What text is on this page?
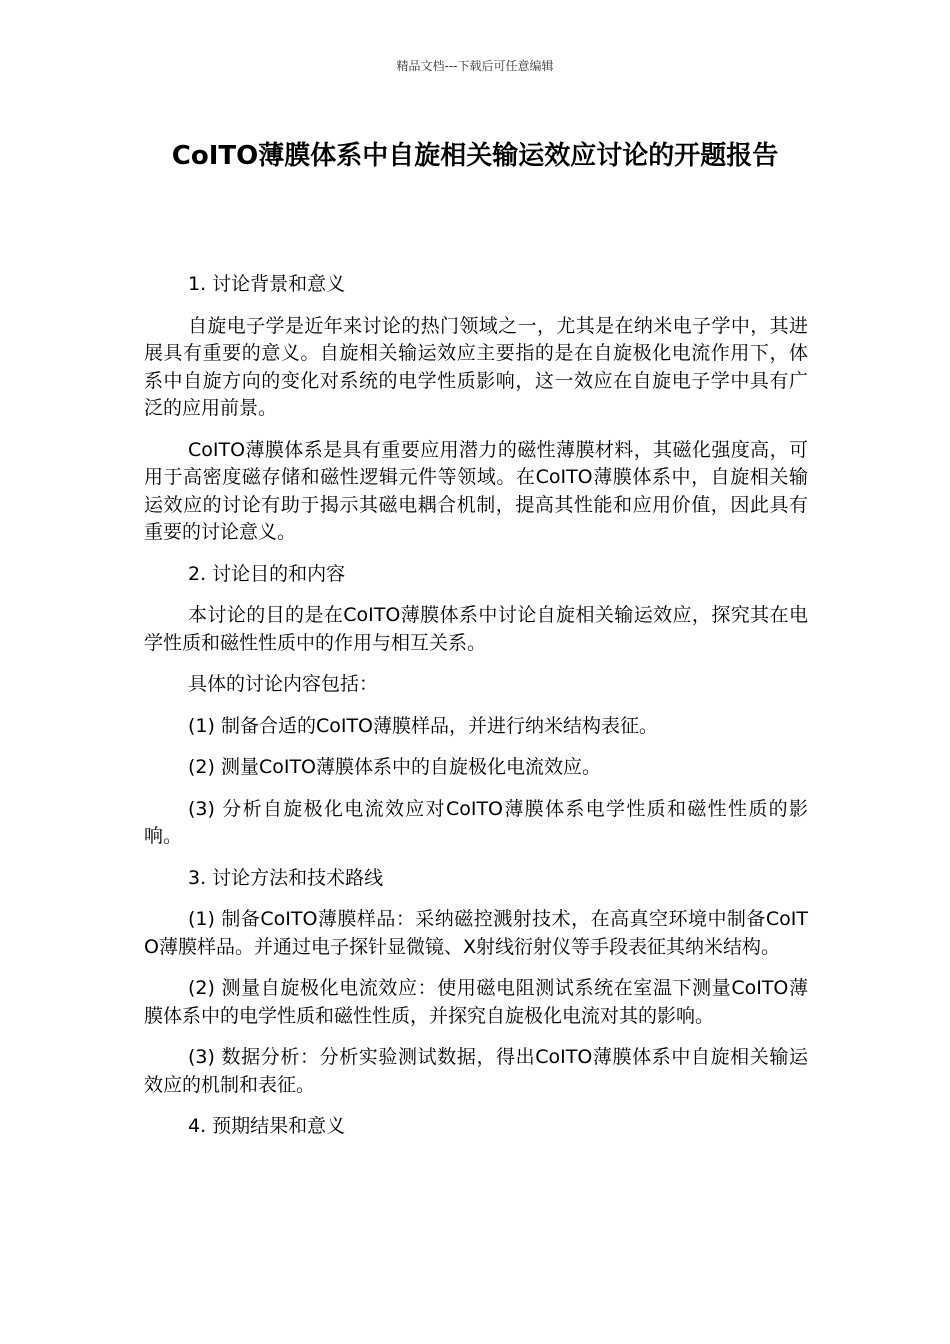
精品文档---下载后可任意编辑
CoITO薄膜体系中自旋相关输运效应讨论的开题报告

1. 讨论背景和意义

自旋电子学是近年来讨论的热门领域之一，尤其是在纳米电子学中，其进展具有重要的意义。自旋相关输运效应主要指的是在自旋极化电流作用下，体系中自旋方向的变化对系统的电学性质影响，这一效应在自旋电子学中具有广泛的应用前景。

CoITO薄膜体系是具有重要应用潜力的磁性薄膜材料，其磁化强度高，可用于高密度磁存储和磁性逻辑元件等领域。在CoITO薄膜体系中，自旋相关输运效应的讨论有助于揭示其磁电耦合机制，提高其性能和应用价值，因此具有重要的讨论意义。

2. 讨论目的和内容

本讨论的目的是在CoITO薄膜体系中讨论自旋相关输运效应，探究其在电学性质和磁性性质中的作用与相互关系。

具体的讨论内容包括：

(1) 制备合适的CoITO薄膜样品，并进行纳米结构表征。

(2) 测量CoITO薄膜体系中的自旋极化电流效应。

(3) 分析自旋极化电流效应对CoITO薄膜体系电学性质和磁性性质的影响。

3. 讨论方法和技术路线

(1) 制备CoITO薄膜样品：采纳磁控溅射技术，在高真空环境中制备CoITO薄膜样品。并通过电子探针显微镜、X射线衍射仪等手段表征其纳米结构。

(2) 测量自旋极化电流效应：使用磁电阻测试系统在室温下测量CoITO薄膜体系中的电学性质和磁性性质，并探究自旋极化电流对其的影响。

(3) 数据分析：分析实验测试数据，得出CoITO薄膜体系中自旋相关输运效应的机制和表征。

4. 预期结果和意义
